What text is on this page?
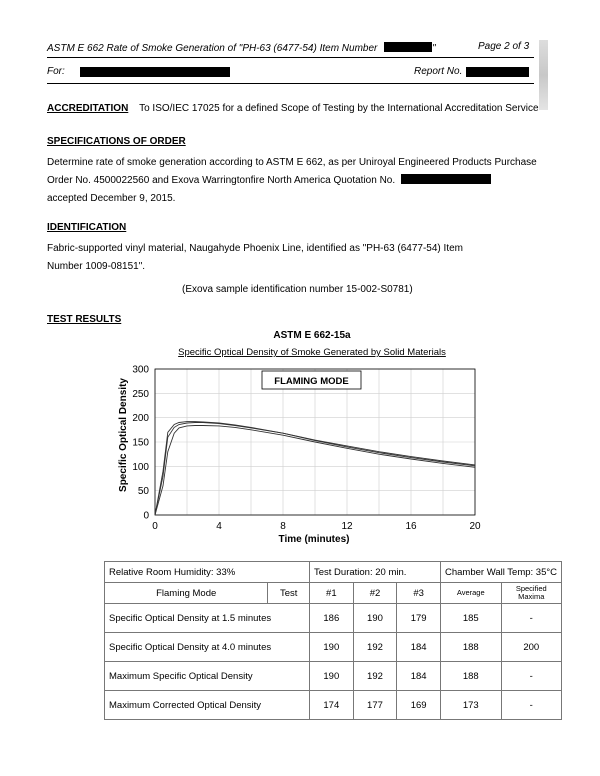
ASTM E 662 Rate of Smoke Generation of "PH-63 (6477-54) Item Number	"	Page 2 of 3
For:	Report No.
ACCREDITATION To ISO/IEC 17025 for a defined Scope of Testing by the International Accreditation Service
SPECIFICATIONS OF ORDER
Determine rate of smoke generation according to ASTM E 662, as per Uniroyal Engineered Products Purchase
Order No. 4500022560 and Exova Warringtonfire North America Quotation No.
accepted December 9, 2015.
IDENTIFICATION
Fabric-supported vinyl material, Naugahyde Phoenix Line, identified as "PH-63 (6477-54) Item
Number 1009-08151".
(Exova sample identification number 15-002-S0781)
TEST RESULTS
ASTM E 662-15a
Specific Optical Density of Smoke Generated by Solid Materials
0	4	8	12	16	20
0
50
100
150
200
250
300
FLAMING MODE
Time (minutes)
Specific Optical Density
Relative Room Humidity: 33%		Test Duration: 20 min.			Chamber Wall Temp: 35°C	
Flaming Mode	Test	#1	#2	#3	Average	Specified
Maxima

Specific Optical Density at 1.5 minutes		186	190	179	185	-
Specific Optical Density at 4.0 minutes		190	192	184	188	200
Maximum Specific Optical Density		190	192	184	188	-
Maximum Corrected Optical Density		174	177	169	173	-
